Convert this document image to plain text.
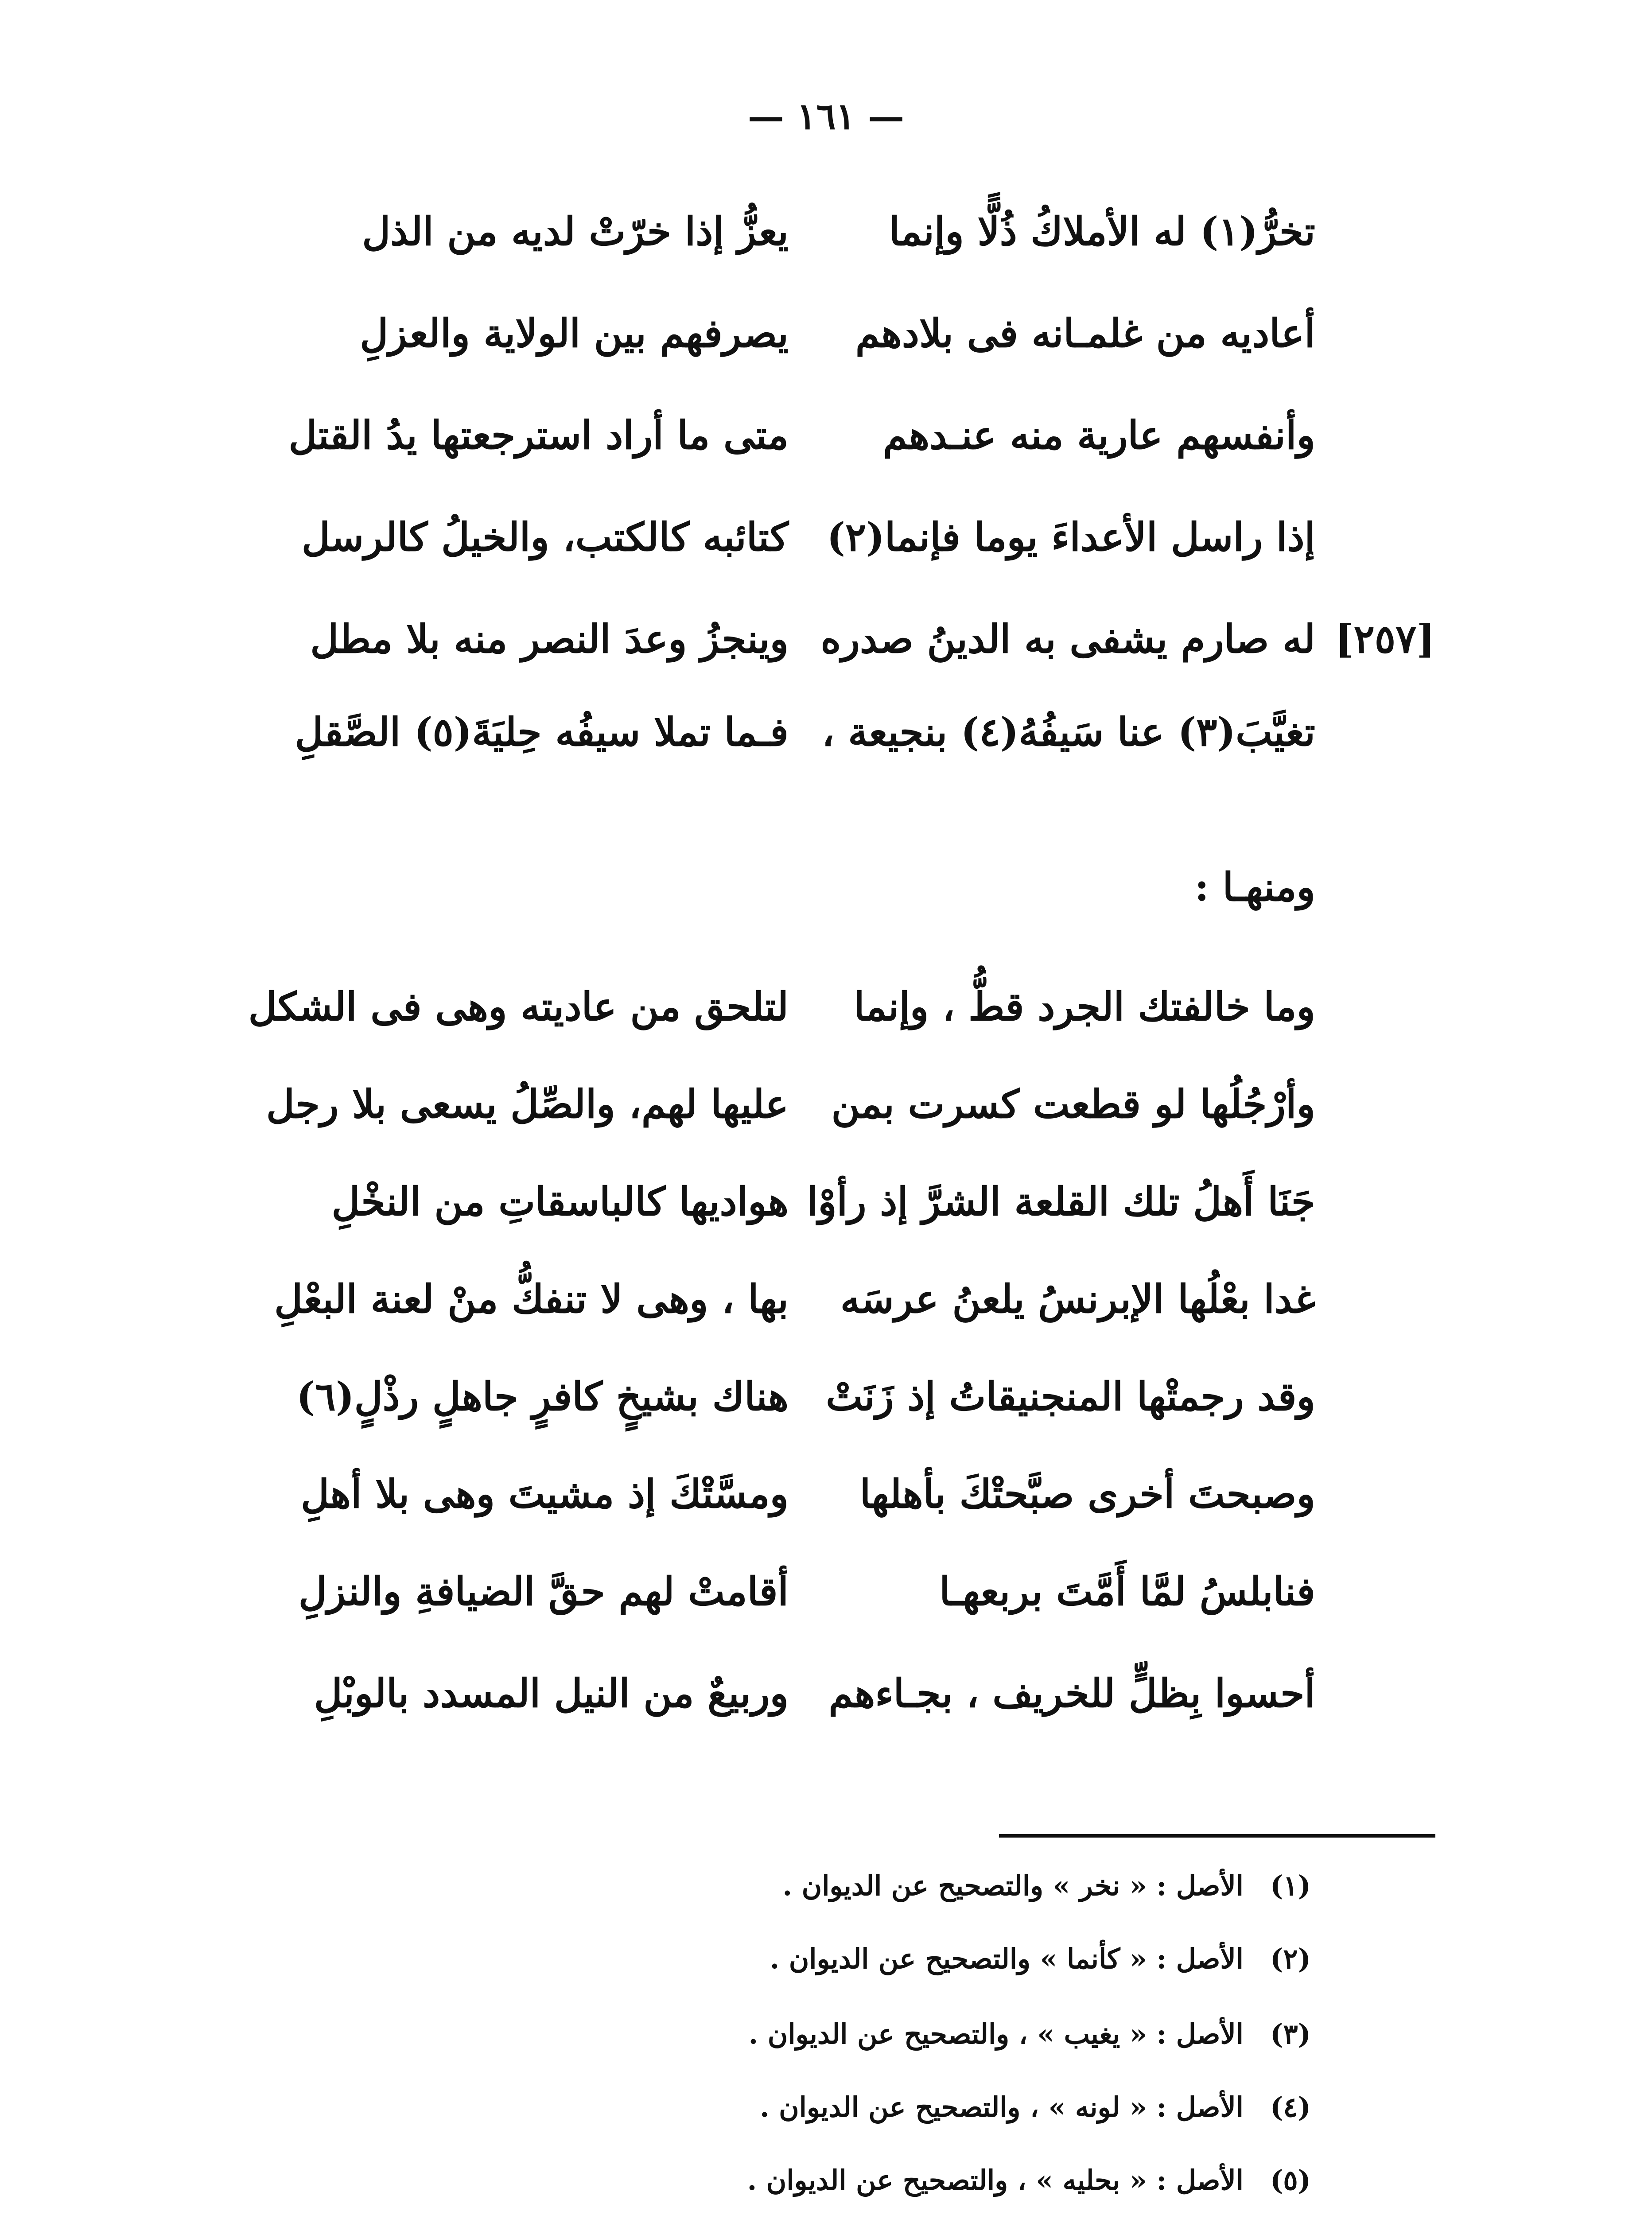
— ١٦١ —
تخرُّ(١) له الأملاكُ ذُلًّا وإنما
يعزُّ إذا خرّتْ لديه من الذل
أعاديه من غلمـانه فى بلادهم
يصرفهم بين الولاية والعزلِ
وأنفسهم عارية منه عنـدهم
متى ما أراد استرجعتها يدُ القتل
إذا راسل الأعداءَ يوما فإنما(٢)
كتائبه كالكتب، والخيلُ كالرسل
[٢٥٧]
له صارم يشفى به الدينُ صدره
وينجزُ وعدَ النصر منه بلا مطل
تغيَّبَ(٣) عنا سَيفُهُ(٤) بنجيعة ،
فـما تملا سيفُه حِليَةَ(٥) الصَّقلِ
ومنهـا :
وما خالفتك الجرد قطُّ ، وإنما
لتلحق من عاديته وهى فى الشكل
وأرْجُلُها لو قطعت كسرت بمن
عليها لهم، والصِّلُ يسعى بلا رجل
جَنَا أَهلُ تلك القلعة الشرَّ إذ رأوْا
هواديها كالباسقاتِ من النخْلِ
غدا بعْلُها الإبرنسُ يلعنُ عرسَه
بها ، وهى لا تنفكُّ منْ لعنة البعْلِ
وقد رجمتْها المنجنيقاتُ إذ زَنَتْ
هناك بشيخٍ كافرٍ جاهلٍ رذْلٍ(٦)
وصبحتَ أخرى صبَّحتْكَ بأهلها
ومسَّتْكَ إذ مشيتَ وهى بلا أهلِ
فنابلسُ لمَّا أَمَّتَ بربعهـا
أقامتْ لهم حقَّ الضيافةِ والنزلِ
أحسوا بِظلٍّ للخريف ، بجـاءهم
وربيعٌ من النيل المسدد بالوبْلِ
(١)الأصل : « نخر » والتصحيح عن الديوان .
(٢)الأصل : « كأنما » والتصحيح عن الديوان .
(٣)الأصل : « يغيب » ، والتصحيح عن الديوان .
(٤)الأصل : « لونه » ، والتصحيح عن الديوان .
(٥)الأصل : « بحليه » ، والتصحيح عن الديوان .
